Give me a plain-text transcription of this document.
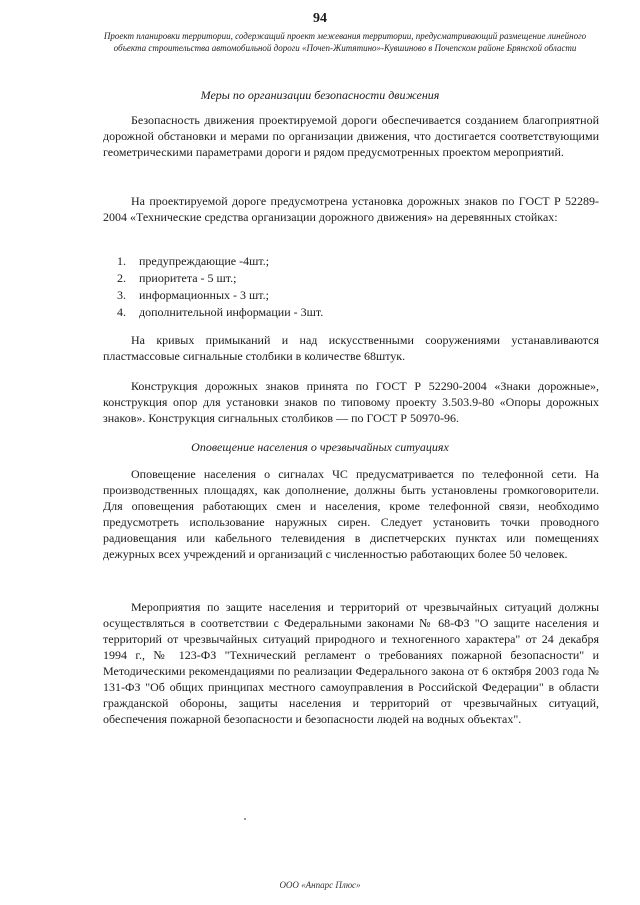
94
Проект планировки территории, содержащий проект межевания территории, предусматривающий размещение линейного объекта строительства автомобильной дороги «Почеп-Житятино»-Кувшиново в Почепском районе Брянской области
Меры по организации безопасности движения

Безопасность движения проектируемой дороги обеспечивается созданием благоприятной дорожной обстановки и мерами по организации движения, что достигается соответствующими геометрическими параметрами дороги и рядом предусмотренных проектом мероприятий.

На проектируемой дороге предусмотрена установка дорожных знаков по ГОСТ Р 52289-2004 «Технические средства организации дорожного движения» на деревянных стойках:

1. предупреждающие -4шт.;
2. приоритета - 5 шт.;
3. информационных - 3 шт.;
4. дополнительной информации - 3шт.

На кривых примыканий и над искусственными сооружениями устанавливаются пластмассовые сигнальные столбики в количестве 68штук.

Конструкция дорожных знаков принята по ГОСТ Р 52290-2004 «Знаки дорожные», конструкция опор для установки знаков по типовому проекту 3.503.9-80 «Опоры дорожных знаков». Конструкция сигнальных столбиков — по ГОСТ Р 50970-96.

Оповещение населения о чрезвычайных ситуациях

Оповещение населения о сигналах ЧС предусматривается по телефонной сети. На производственных площадях, как дополнение, должны быть установлены громкоговорители. Для оповещения работающих смен и населения, кроме телефонной связи, необходимо предусмотреть использование наружных сирен. Следует установить точки проводного радиовещания или кабельного телевидения в диспетчерских пунктах или помещениях дежурных всех учреждений и организаций с численностью работающих более 50 человек.

Мероприятия по защите населения и территорий от чрезвычайных ситуаций должны осуществляться в соответствии с Федеральными законами № 68-ФЗ "О защите населения и территорий от чрезвычайных ситуаций природного и техногенного характера" от 24 декабря 1994 г., № 123-ФЗ "Технический регламент о требованиях пожарной безопасности" и Методическими рекомендациями по реализации Федерального закона от 6 октября 2003 года № 131-ФЗ "Об общих принципах местного самоуправления в Российской Федерации" в области гражданской обороны, защиты населения и территорий от чрезвычайных ситуаций, обеспечения пожарной безопасности и безопасности людей на водных объектах".

ООО «Анпарс Плюс»
